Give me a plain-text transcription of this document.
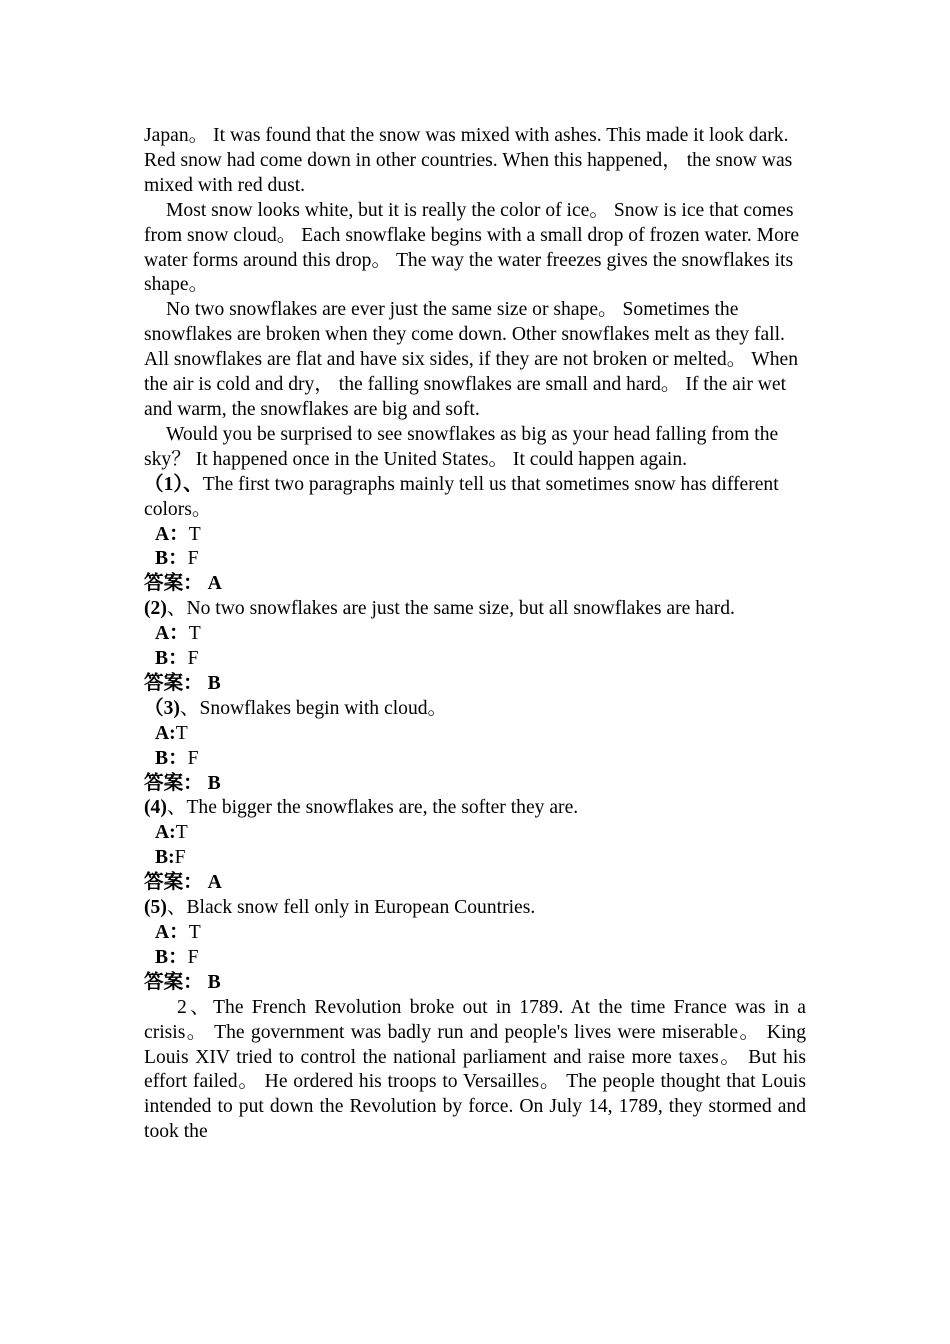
Japan。 It was found that the snow was mixed with ashes. This made it look dark. Red snow had come down in other countries. When this happened， the snow was mixed with red dust.

Most snow looks white, but it is really the color of ice。 Snow is ice that comes from snow cloud。 Each snowflake begins with a small drop of frozen water. More water forms around this drop。 The way the water freezes gives the snowflakes its shape。

No two snowflakes are ever just the same size or shape。 Sometimes the snowflakes are broken when they come down. Other snowflakes melt as they fall. All snowflakes are flat and have six sides, if they are not broken or melted。 When the air is cold and dry， the falling snowflakes are small and hard。 If the air wet and warm, the snowflakes are big and soft.

Would you be surprised to see snowflakes as big as your head falling from the sky？ It happened once in the United States。 It could happen again.

（1）、The first two paragraphs mainly tell us that sometimes snow has different colors。

A：T

B：F

答案： A

(2)、No two snowflakes are just the same size, but all snowflakes are hard.

A：T

B：F

答案： B

（3)、Snowflakes begin with cloud。

A:T

B：F

答案： B

(4)、The bigger the snowflakes are, the softer they are.

A:T

B:F

答案： A

(5)、Black snow fell only in European Countries.

A：T

B：F

答案： B

2、The French Revolution broke out in 1789. At the time France was in a crisis。 The government was badly run and people's lives were miserable。 King Louis XIV tried to control the national parliament and raise more taxes。 But his effort failed。 He ordered his troops to Versailles。 The people thought that Louis intended to put down the Revolution by force. On July 14, 1789, they stormed and took the
